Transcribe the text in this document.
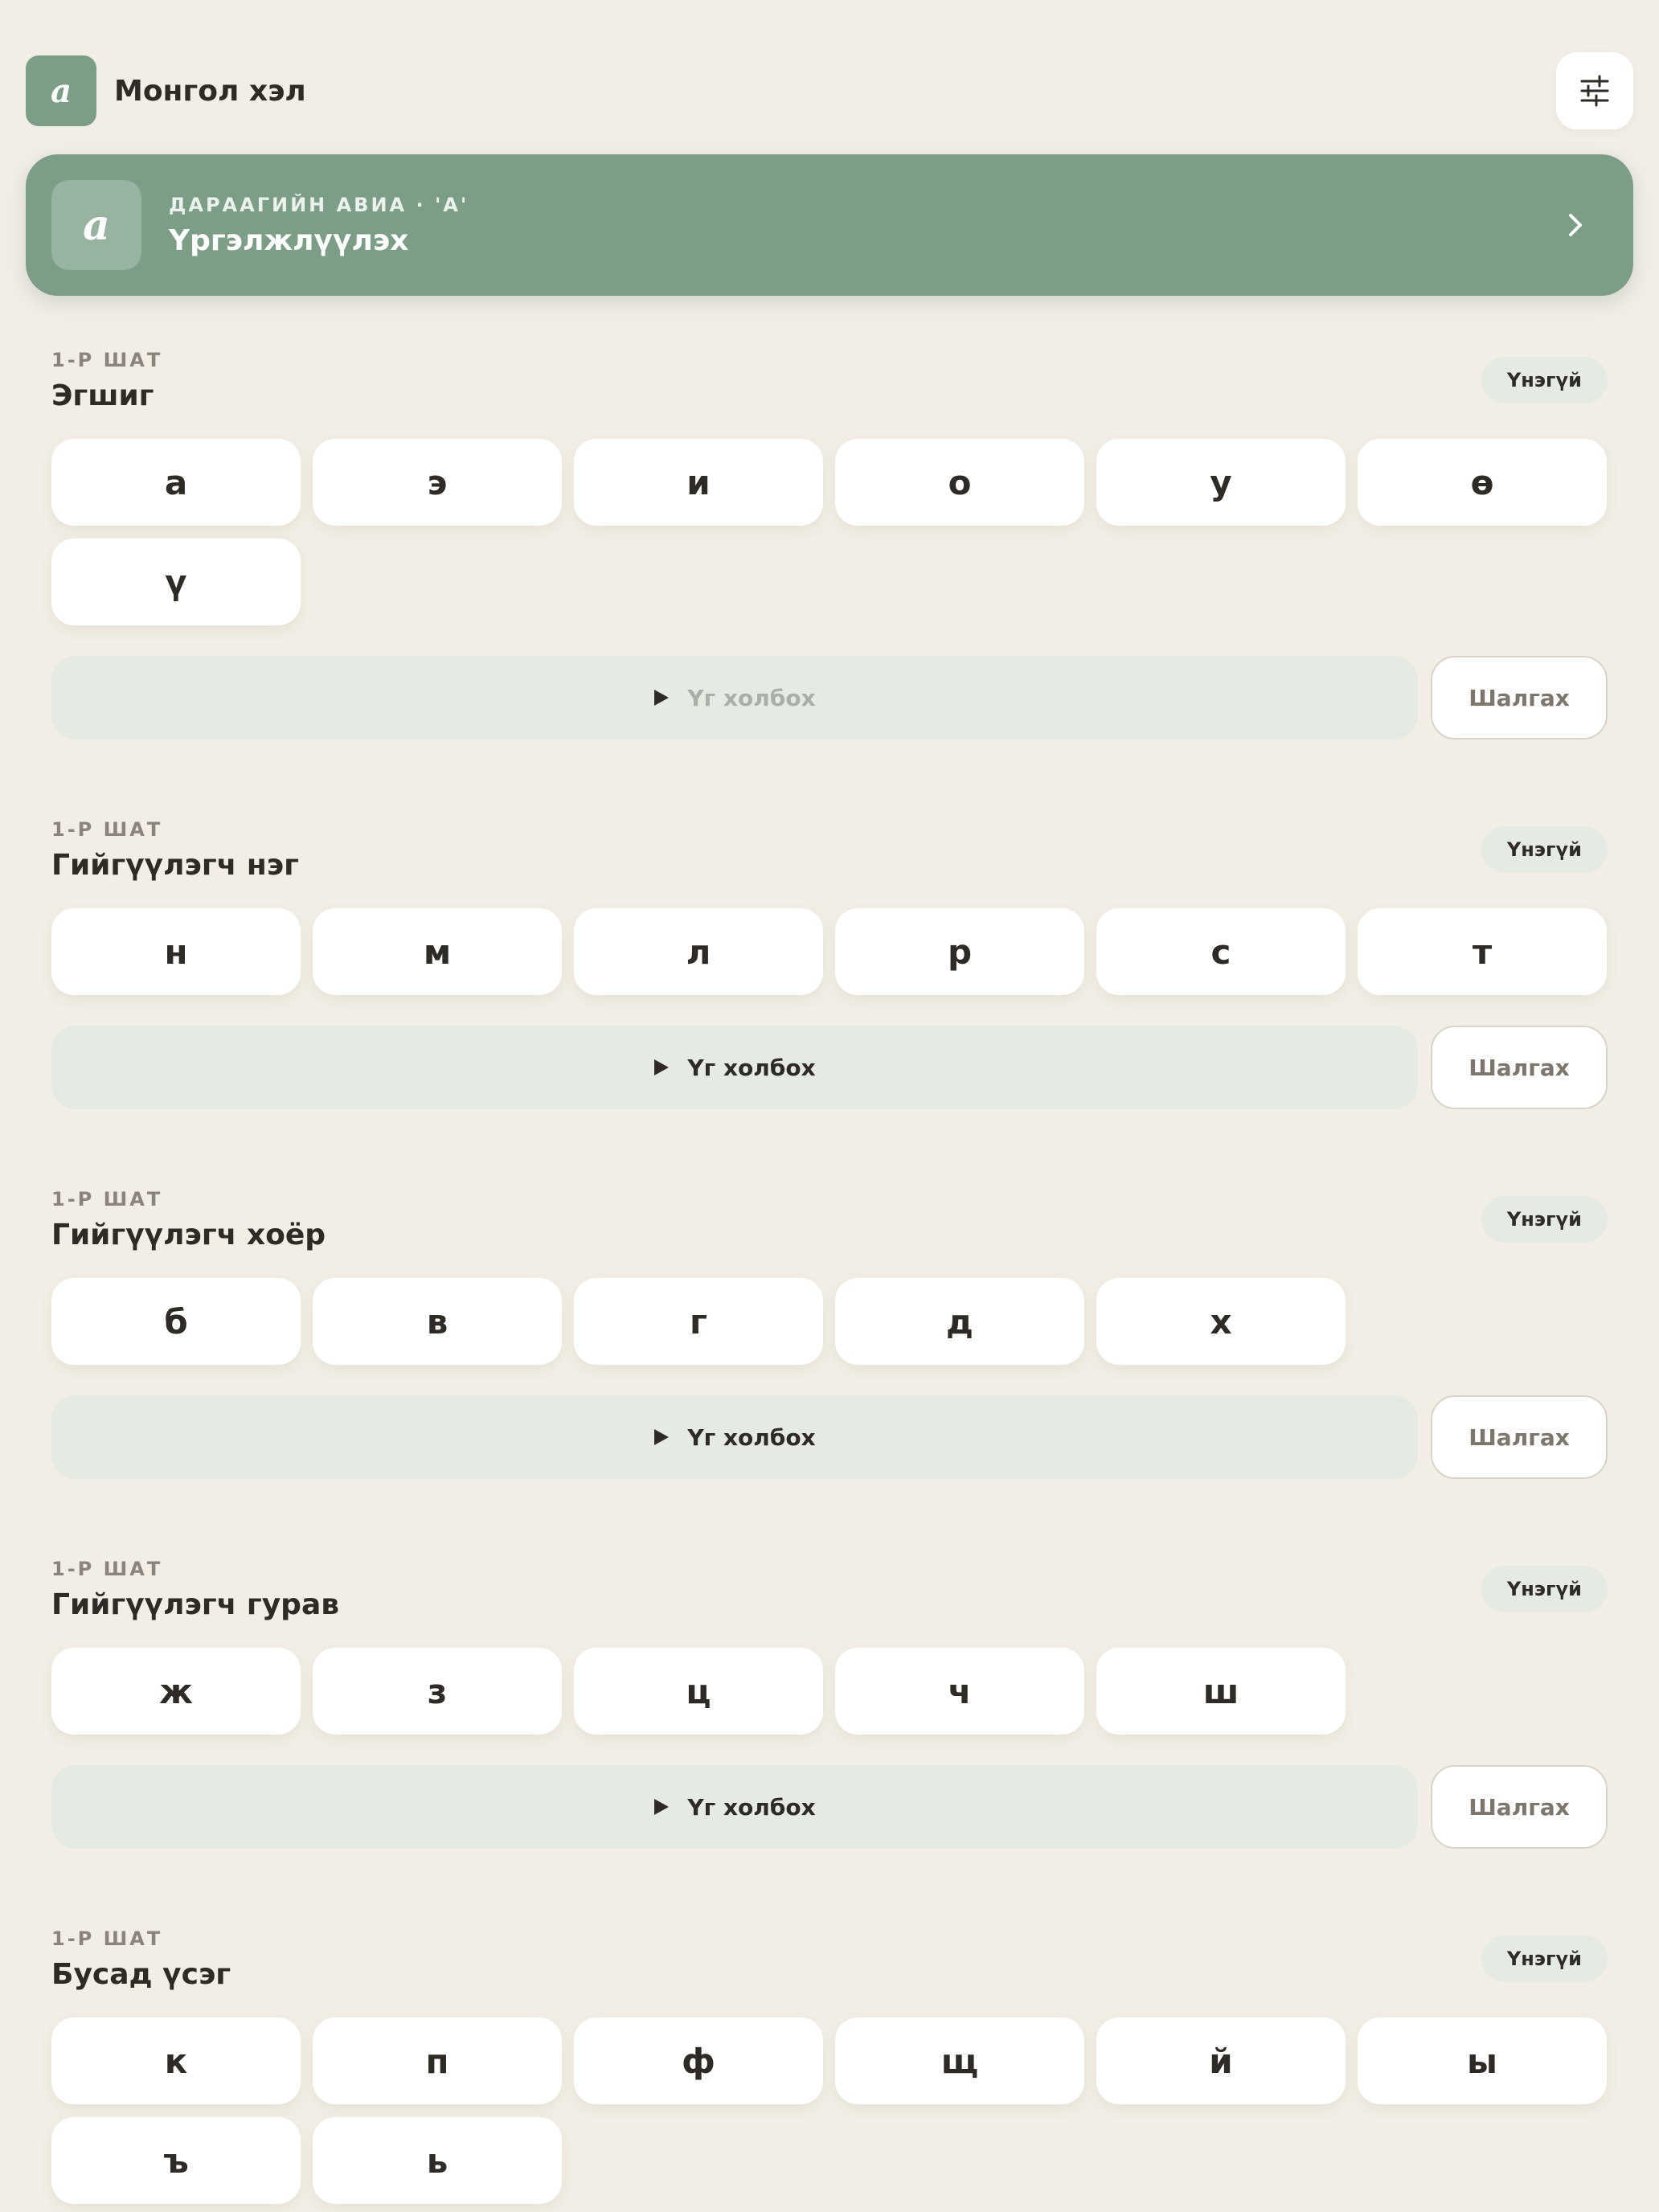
a	Монгол хэл
a	ДАРААГИЙН АВИА · 'А'
Үргэлжлүүлэх
1-Р ШАТ
Эгшиг	Үнэгүй
а	э	и	о	у	ө
ү
Үг холбох	Шалгах
1-Р ШАТ
Гийгүүлэгч нэг	Үнэгүй
н	м	л	р	с	т
Үг холбох	Шалгах
1-Р ШАТ
Гийгүүлэгч хоёр	Үнэгүй
б	в	г	д	х
Үг холбох	Шалгах
1-Р ШАТ
Гийгүүлэгч гурав	Үнэгүй
ж	з	ц	ч	ш
Үг холбох	Шалгах
1-Р ШАТ
Бусад үсэг	Үнэгүй
к	п	ф	щ	й	ы
ъ	ь
